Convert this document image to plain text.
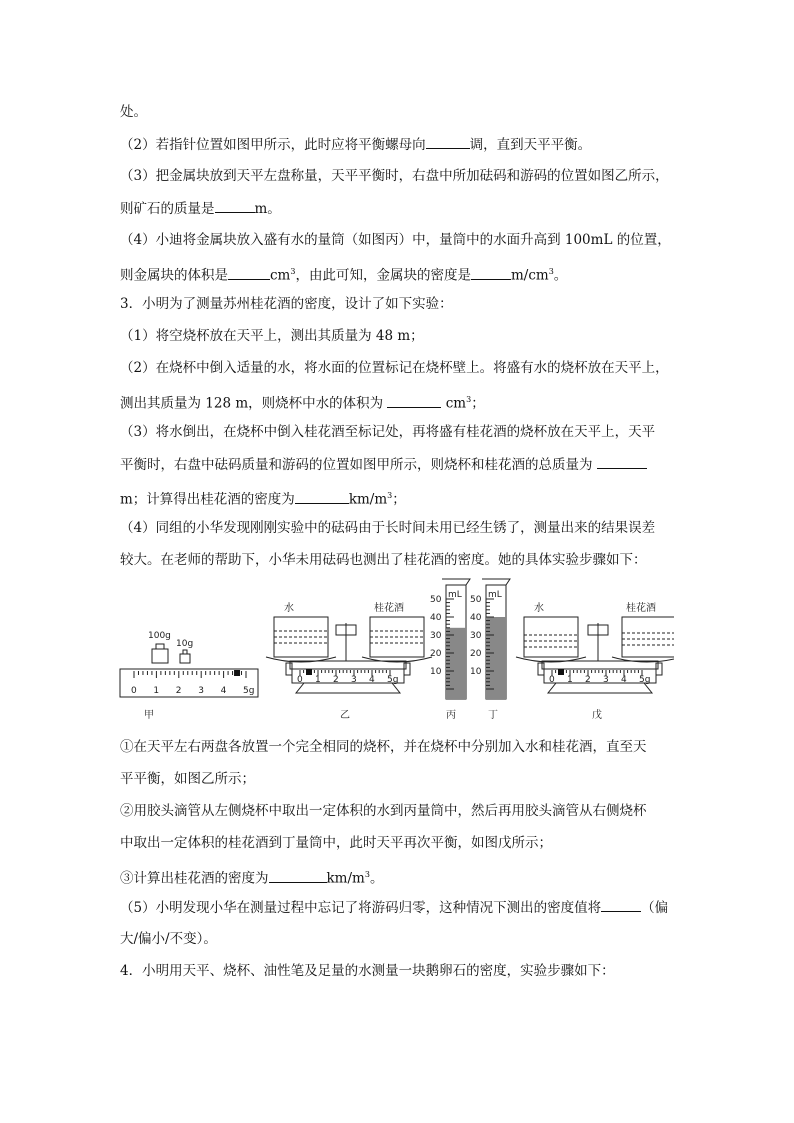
处。
（2）若指针位置如图甲所示，此时应将平衡螺母向	调，直到天平平衡。
（3）把金属块放到天平左盘称量，天平平衡时，右盘中所加砝码和游码的位置如图乙所示，
则矿石的质量是	m。
（4）小迪将金属块放入盛有水的量筒（如图丙）中，量筒中的水面升高到 100mL 的位置，
则金属块的体积是	$cm^3$，由此可知，金属块的密度是	$m/cm^3$。
3．小明为了测量苏州桂花酒的密度，设计了如下实验：
（1）将空烧杯放在天平上，测出其质量为 48 m；
（2）在烧杯中倒入适量的水，将水面的位置标记在烧杯壁上。将盛有水的烧杯放在天平上，
测出其质量为 128 m，则烧杯中水的体积为	$cm^3$；
（3）将水倒出，在烧杯中倒入桂花酒至标记处，再将盛有桂花酒的烧杯放在天平上，天平
平衡时，右盘中砝码质量和游码的位置如图甲所示，则烧杯和桂花酒的总质量为
m；计算得出桂花酒的密度为	$km/m^3$；
（4）同组的小华发现刚刚实验中的砝码由于长时间未用已经生锈了，测量出来的结果误差
较大。在老师的帮助下，小华未用砝码也测出了桂花酒的密度。她的具体实验步骤如下：
100g
10g
0 1 2 3 4 5g
甲
水	桂花酒
0 1 2 3 4 5g
乙
mL
50
40
30
20
10
丙
mL
50
40
30
20
10
丁
水	桂花酒
0 1 2 3 4 5g
戊
①在天平左右两盘各放置一个完全相同的烧杯，并在烧杯中分别加入水和桂花酒，直至天
平平衡，如图乙所示；
②用胶头滴管从左侧烧杯中取出一定体积的水到丙量筒中，然后再用胶头滴管从右侧烧杯
中取出一定体积的桂花酒到丁量筒中，此时天平再次平衡，如图戊所示；
③计算出桂花酒的密度为	$km/m^3$。
（5）小明发现小华在测量过程中忘记了将游码归零，这种情况下测出的密度值将	（偏
大/偏小/不变）。
4．小明用天平、烧杯、油性笔及足量的水测量一块鹅卵石的密度，实验步骤如下：
